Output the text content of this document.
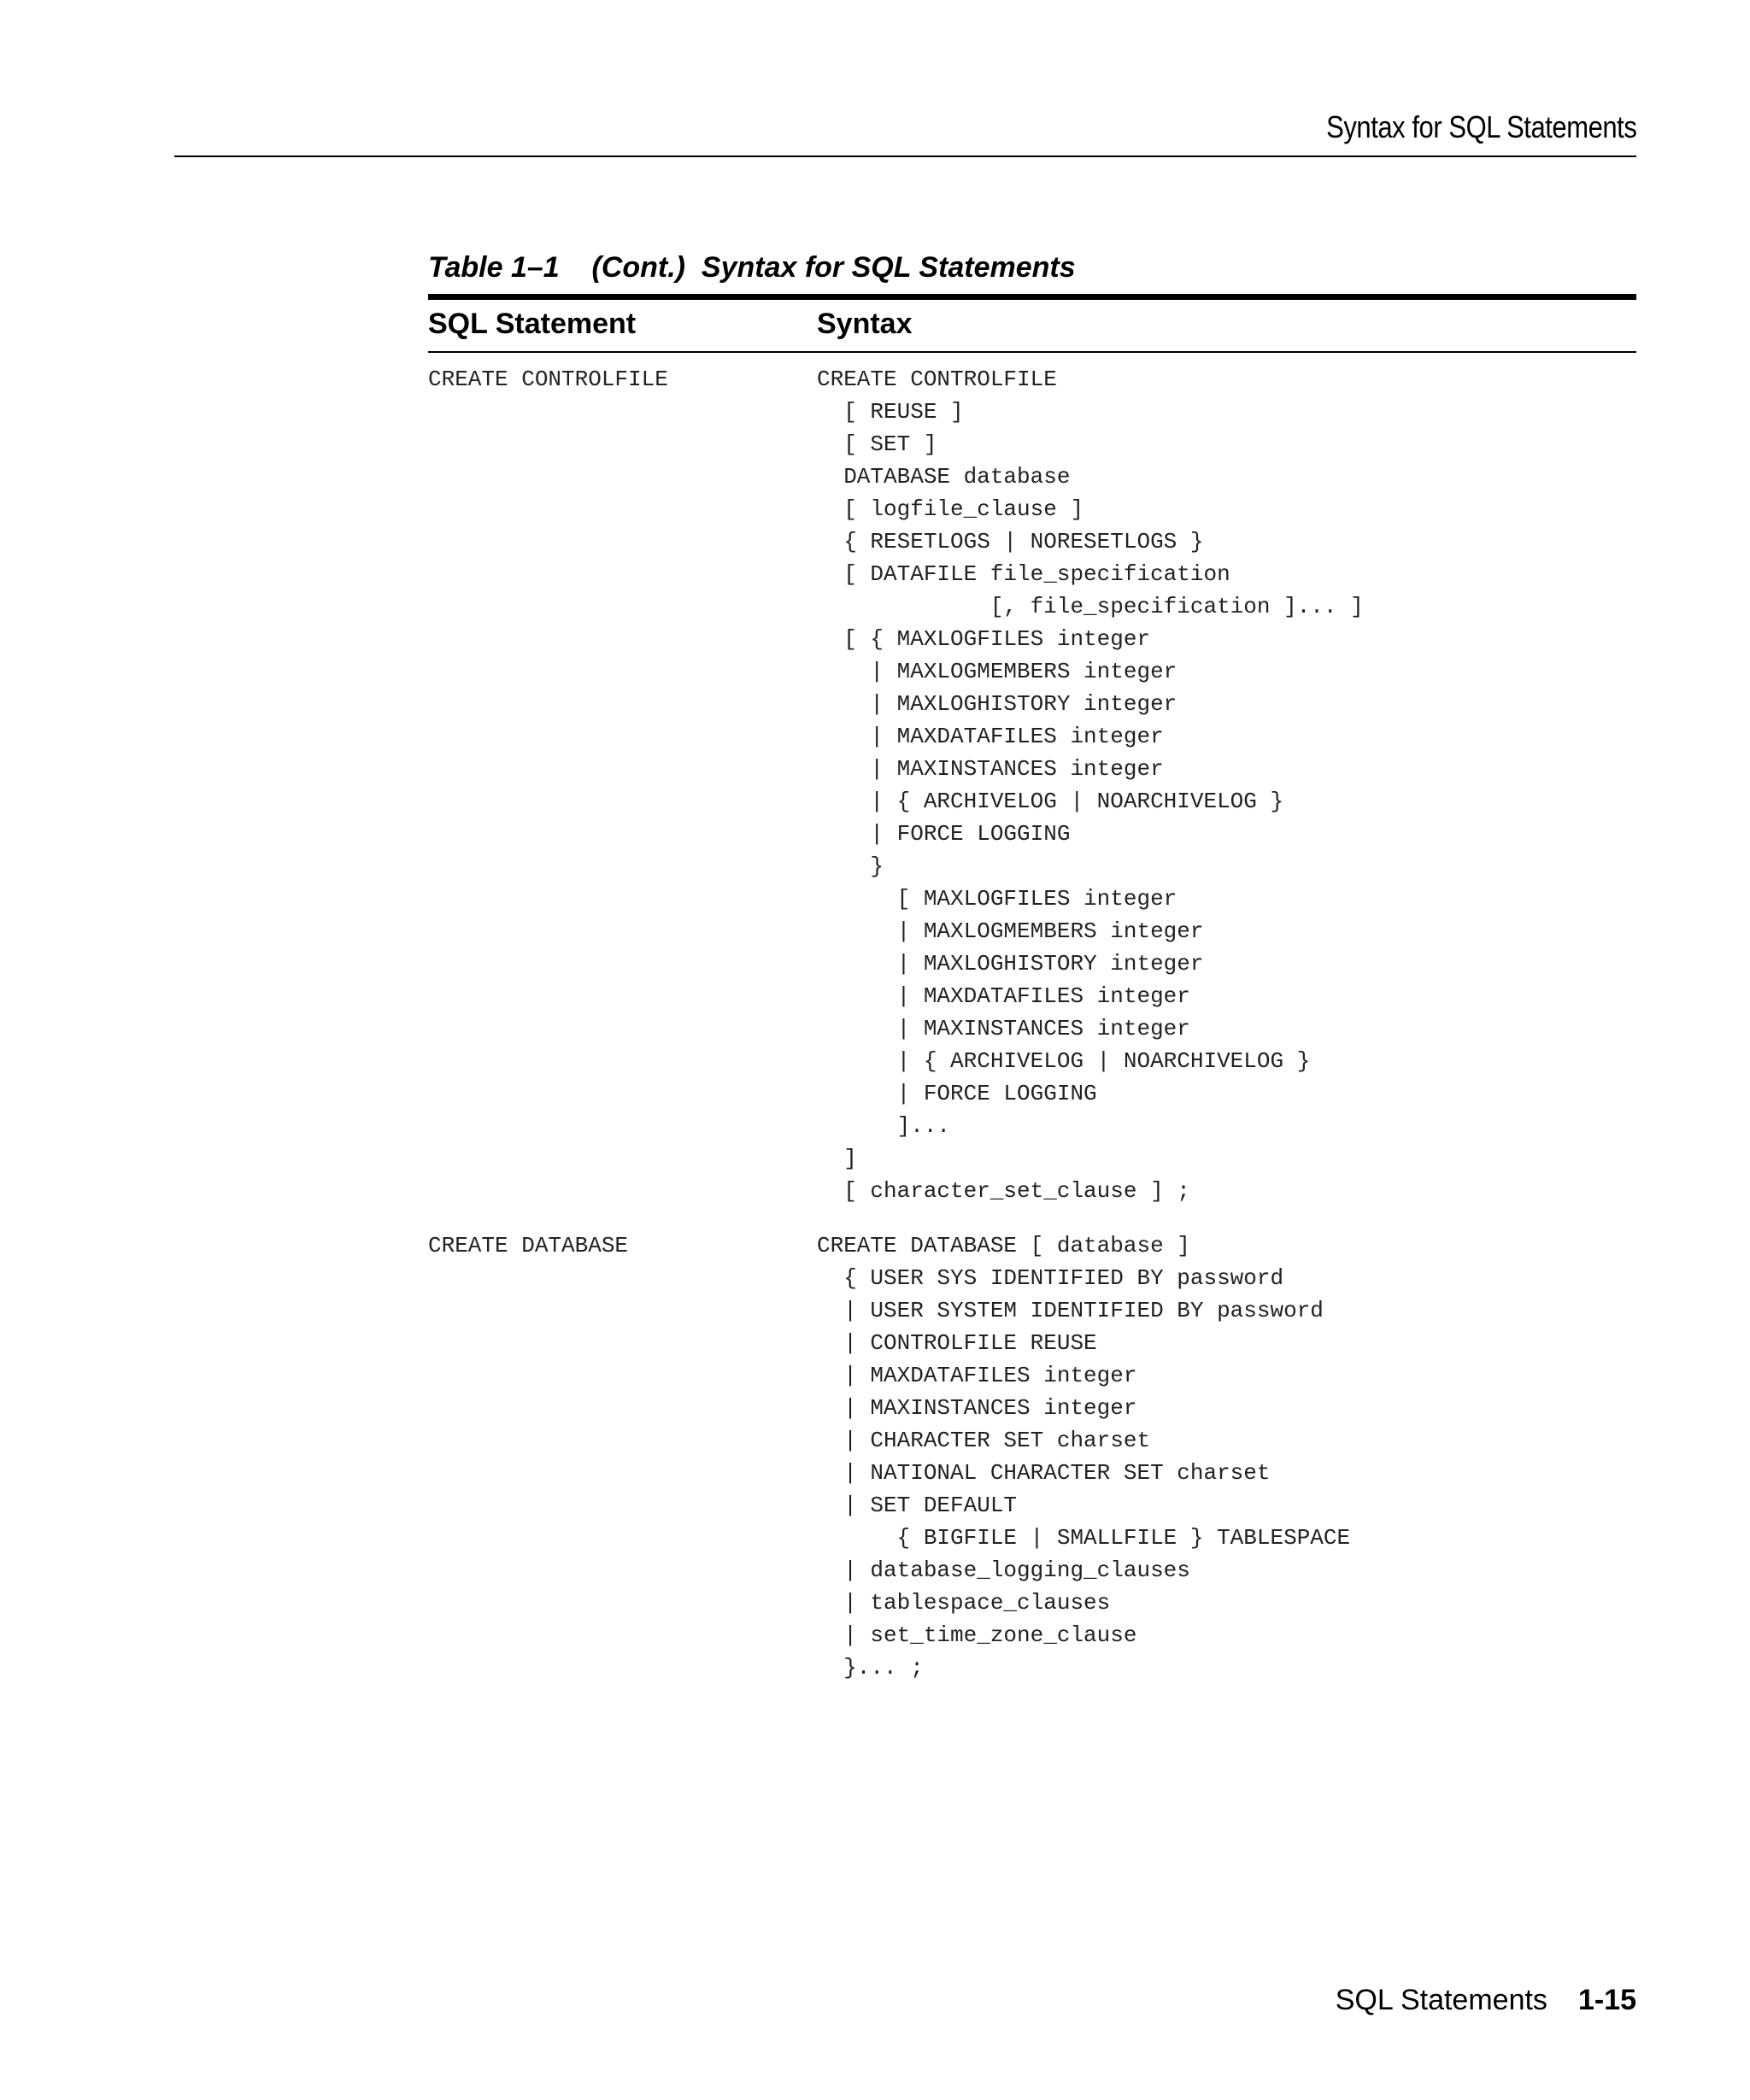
Syntax for SQL Statements
Table 1–1    (Cont.)  Syntax for SQL Statements
SQL Statement	Syntax
CREATE CONTROLFILE	CREATE CONTROLFILE
[ REUSE ]
[ SET ]
DATABASE database
[ logfile_clause ]
{ RESETLOGS | NORESETLOGS }
[ DATAFILE file_specification
[, file_specification ]... ]
[ { MAXLOGFILES integer
| MAXLOGMEMBERS integer
| MAXLOGHISTORY integer
| MAXDATAFILES integer
| MAXINSTANCES integer
| { ARCHIVELOG | NOARCHIVELOG }
| FORCE LOGGING
}
[ MAXLOGFILES integer
| MAXLOGMEMBERS integer
| MAXLOGHISTORY integer
| MAXDATAFILES integer
| MAXINSTANCES integer
| { ARCHIVELOG | NOARCHIVELOG }
| FORCE LOGGING
]...
]
[ character_set_clause ] ;
CREATE DATABASE	CREATE DATABASE [ database ]
{ USER SYS IDENTIFIED BY password
| USER SYSTEM IDENTIFIED BY password
| CONTROLFILE REUSE
| MAXDATAFILES integer
| MAXINSTANCES integer
| CHARACTER SET charset
| NATIONAL CHARACTER SET charset
| SET DEFAULT
{ BIGFILE | SMALLFILE } TABLESPACE
| database_logging_clauses
| tablespace_clauses
| set_time_zone_clause
}... ;
SQL Statements 1-15
